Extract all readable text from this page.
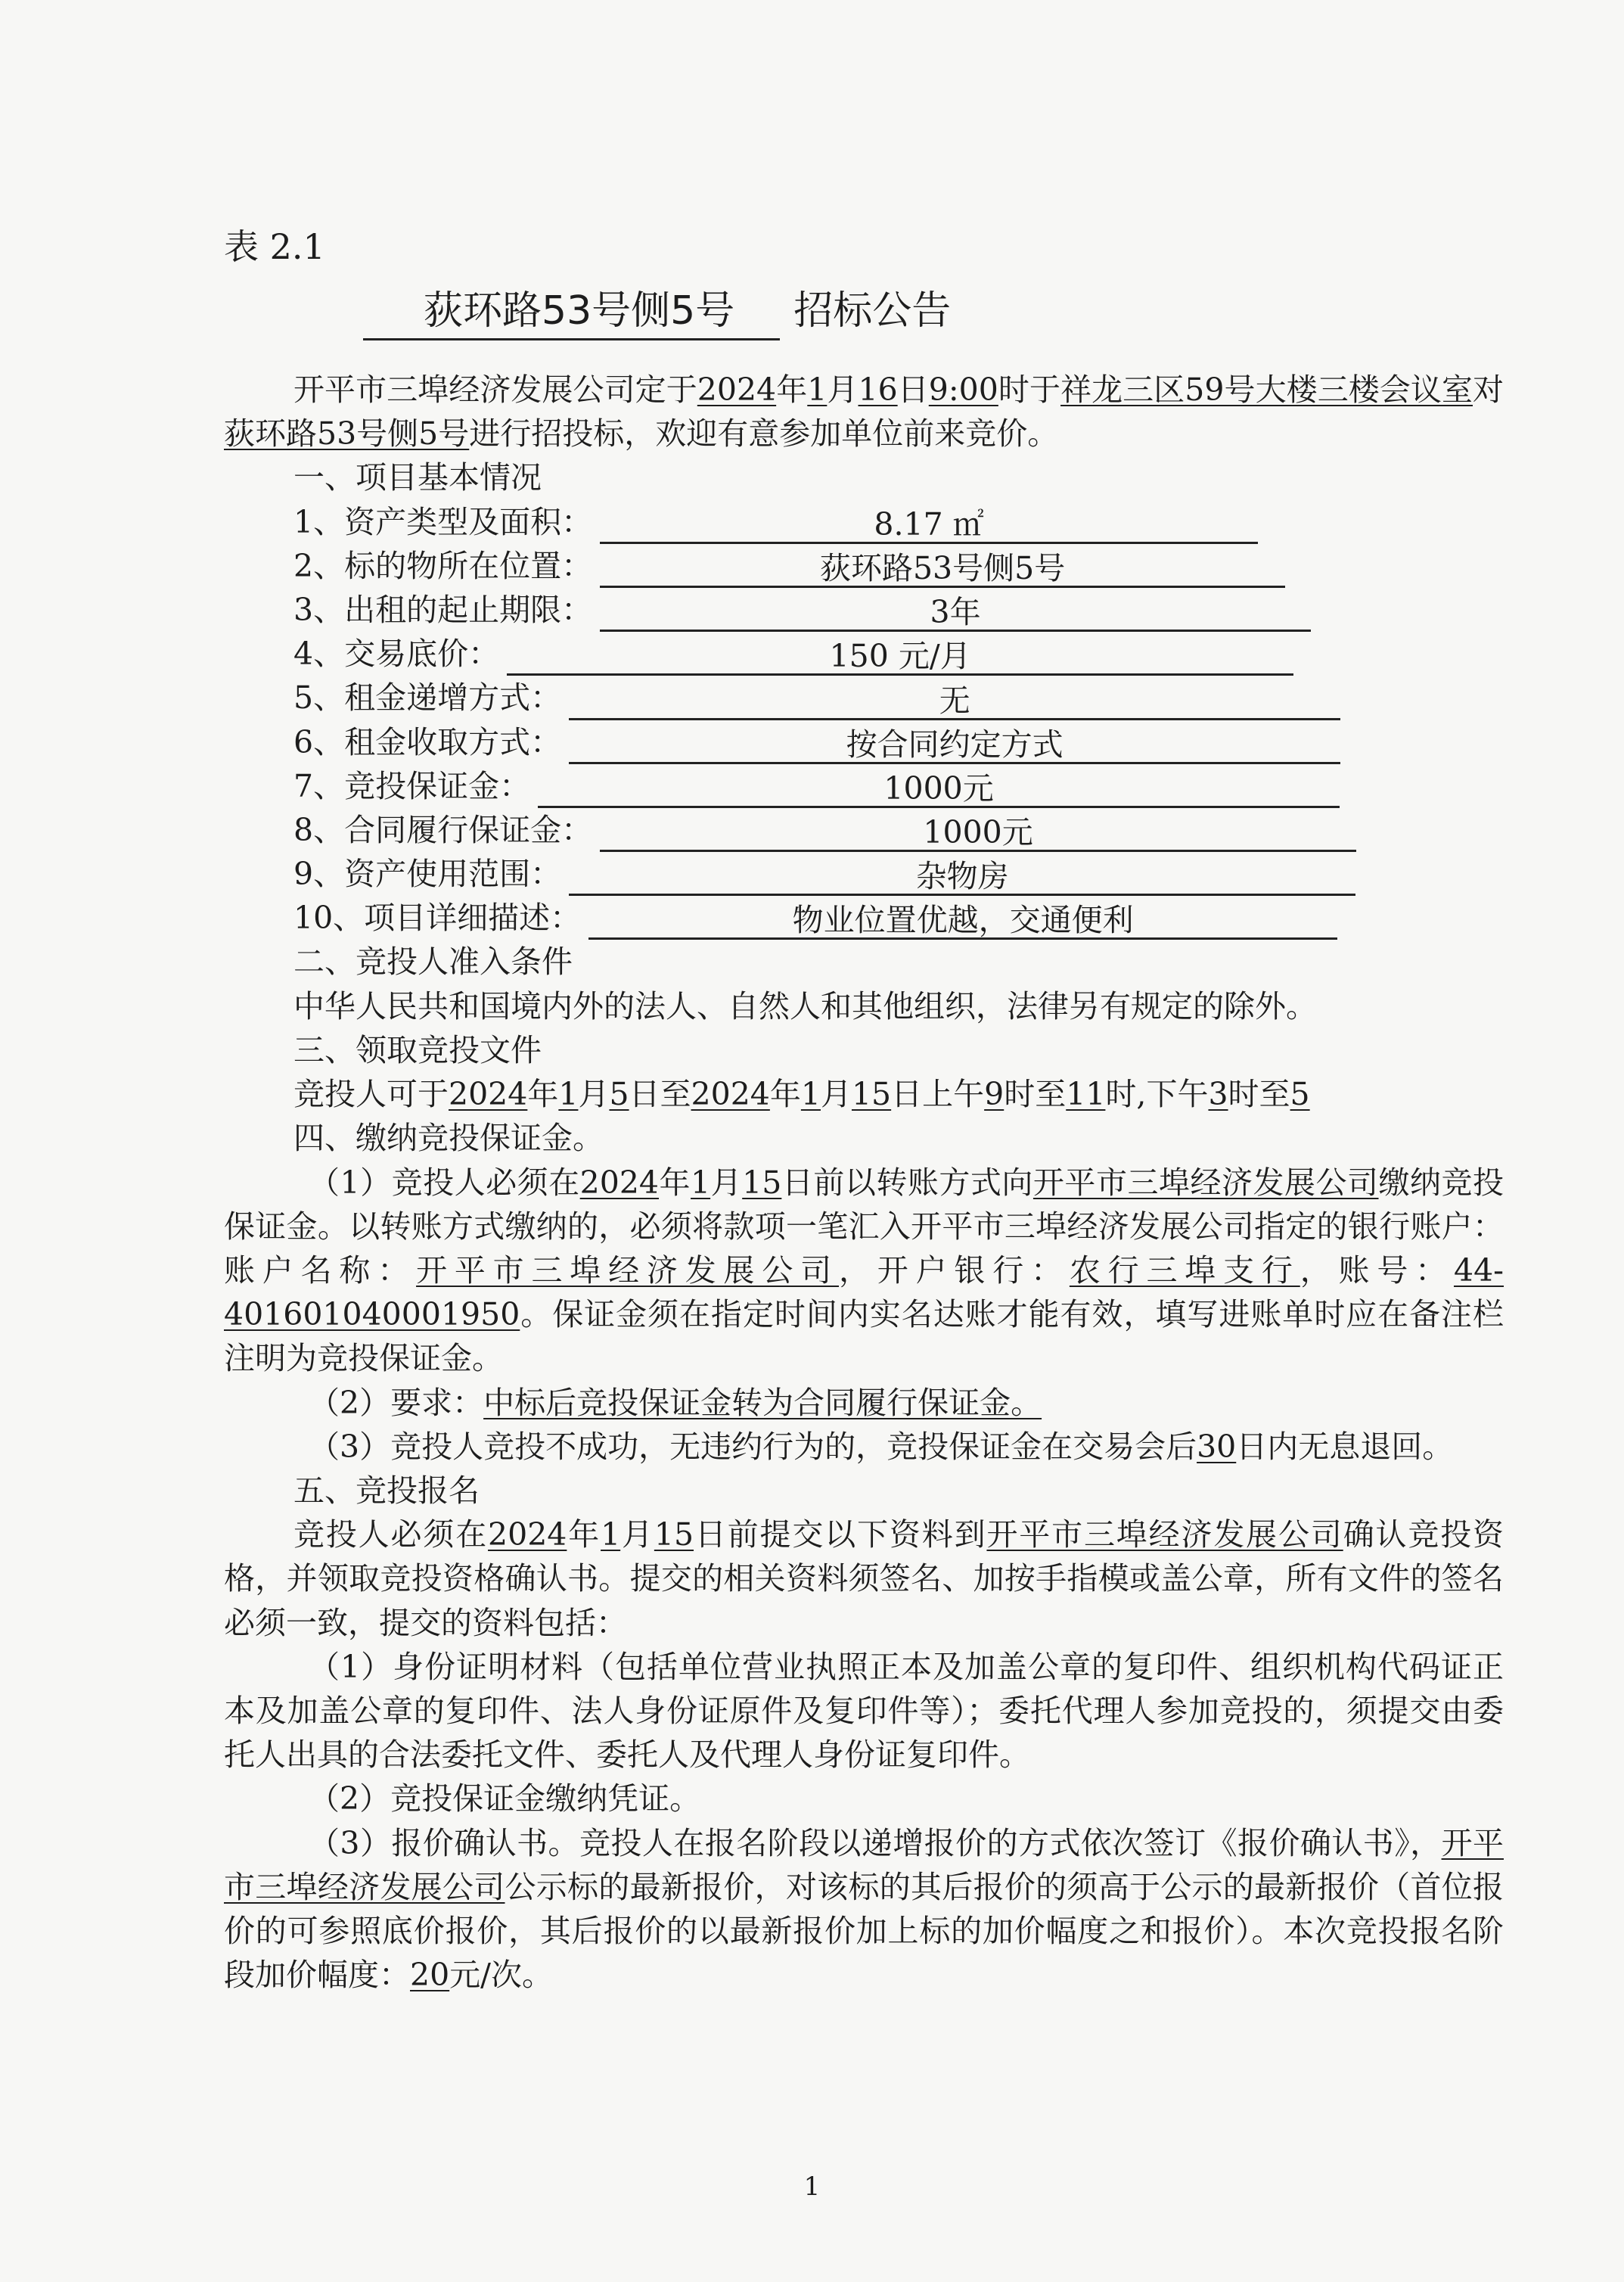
表 2.1
荻环路53号侧5号 招标公告

开平市三埠经济发展公司定于2024年1月16日9:00时于祥龙三区59号大楼三楼会议室对荻环路53号侧5号进行招投标，欢迎有意参加单位前来竞价。

一、项目基本情况

1、资产类型及面积：	8.17 ㎡
2、标的物所在位置：	荻环路53号侧5号
3、出租的起止期限：	3年
4、交易底价：	150 元/月
5、租金递增方式：	无
6、租金收取方式：	按合同约定方式
7、竞投保证金：	1000元
8、合同履行保证金：	1000元
9、资产使用范围：	杂物房
10、项目详细描述：	物业位置优越，交通便利

二、竞投人准入条件

中华人民共和国境内外的法人、自然人和其他组织，法律另有规定的除外。

三、领取竞投文件

竞投人可于2024年1月5日至2024年1月15日上午9时至11时,下午3时至5

四、缴纳竞投保证金。

（1）竞投人必须在2024年1月15日前以转账方式向开平市三埠经济发展公司缴纳竞投保证金。以转账方式缴纳的，必须将款项一笔汇入开平市三埠经济发展公司指定的银行账户：账户名称：开平市三埠经济发展公司，开户银行：农行三埠支行，账号：44-401601040001950。保证金须在指定时间内实名达账才能有效，填写进账单时应在备注栏注明为竞投保证金。

（2）要求：中标后竞投保证金转为合同履行保证金。

（3）竞投人竞投不成功，无违约行为的，竞投保证金在交易会后30日内无息退回。

五、竞投报名

竞投人必须在2024年1月15日前提交以下资料到开平市三埠经济发展公司确认竞投资格，并领取竞投资格确认书。提交的相关资料须签名、加按手指模或盖公章，所有文件的签名必须一致，提交的资料包括：

（1）身份证明材料（包括单位营业执照正本及加盖公章的复印件、组织机构代码证正本及加盖公章的复印件、法人身份证原件及复印件等）；委托代理人参加竞投的，须提交由委托人出具的合法委托文件、委托人及代理人身份证复印件。

（2）竞投保证金缴纳凭证。

（3）报价确认书。竞投人在报名阶段以递增报价的方式依次签订《报价确认书》，开平市三埠经济发展公司公示标的最新报价，对该标的其后报价的须高于公示的最新报价（首位报价的可参照底价报价，其后报价的以最新报价加上标的加价幅度之和报价）。本次竞投报名阶段加价幅度：20元/次。

1
